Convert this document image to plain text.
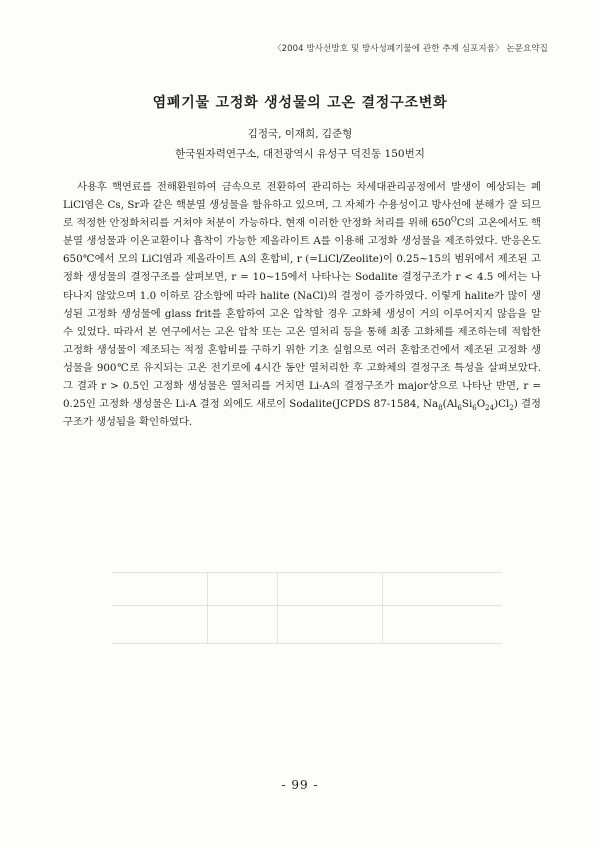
〈2004 방사선방호 및 방사성폐기물에 관한 추계 심포지움〉 논문요약집
염폐기물 고정화 생성물의 고온 결정구조변화
김정국, 이재희, 김준형
한국원자력연구소, 대전광역시 유성구 덕진동 150번지

사용후 핵연료를 전해환원하여 금속으로 전환하여 관리하는 차세대관리공정에서 발생이 예상되는 폐 LiCl염은 Cs, Sr과 같은 핵분열 생성물을 함유하고 있으며, 그 자체가 수용성이고 방사선에 분해가 잘 되므로 적정한 안정화처리를 거쳐야 처분이 가능하다. 현재 이러한 안정화 처리를 위해 $650^OC$의 고온에서도 핵분열 생성물과 이온교환이나 흡착이 가능한 제올라이트 A를 이용해 고정화 생성물을 제조하였다. 반응온도 650℃에서 모의 LiCl염과 제올라이트 A의 혼합비, r (=LiCl/Zeolite)이 0.25~15의 범위에서 제조된 고정화 생성물의 결정구조를 살펴보면, r = 10~15에서 나타나는 Sodalite 결정구조가 r < 4.5 에서는 나타나지 않았으며 1.0 이하로 감소함에 따라 halite (NaCl)의 결정이 증가하였다. 이렇게 halite가 많이 생성된 고정화 생성물에 glass frit를 혼합하여 고온 압착할 경우 고화체 생성이 거의 이루어지지 않음을 알 수 있었다. 따라서 본 연구에서는 고온 압착 또는 고온 열처리 등을 통해 최종 고화체를 제조하는데 적합한 고정화 생성물이 제조되는 적정 혼합비를 구하기 위한 기초 실험으로 여러 혼합조건에서 제조된 고정화 생성물을 900℃로 유지되는 고온 전기로에 4시간 동안 열처리한 후 고화체의 결정구조 특성을 살펴보았다. 그 결과 r > 0.5인 고정화 생성물은 열처리를 거치면 Li-A의 결정구조가 major상으로 나타난 반면, r = 0.25인 고정화 생성물은 Li-A 결정 외에도 새로이 Sodalite(JCPDS 87-1584, $Na_8(Al_6Si_6O_{24})Cl_2$) 결정구조가 생성됨을 확인하였다.

- 99 -
